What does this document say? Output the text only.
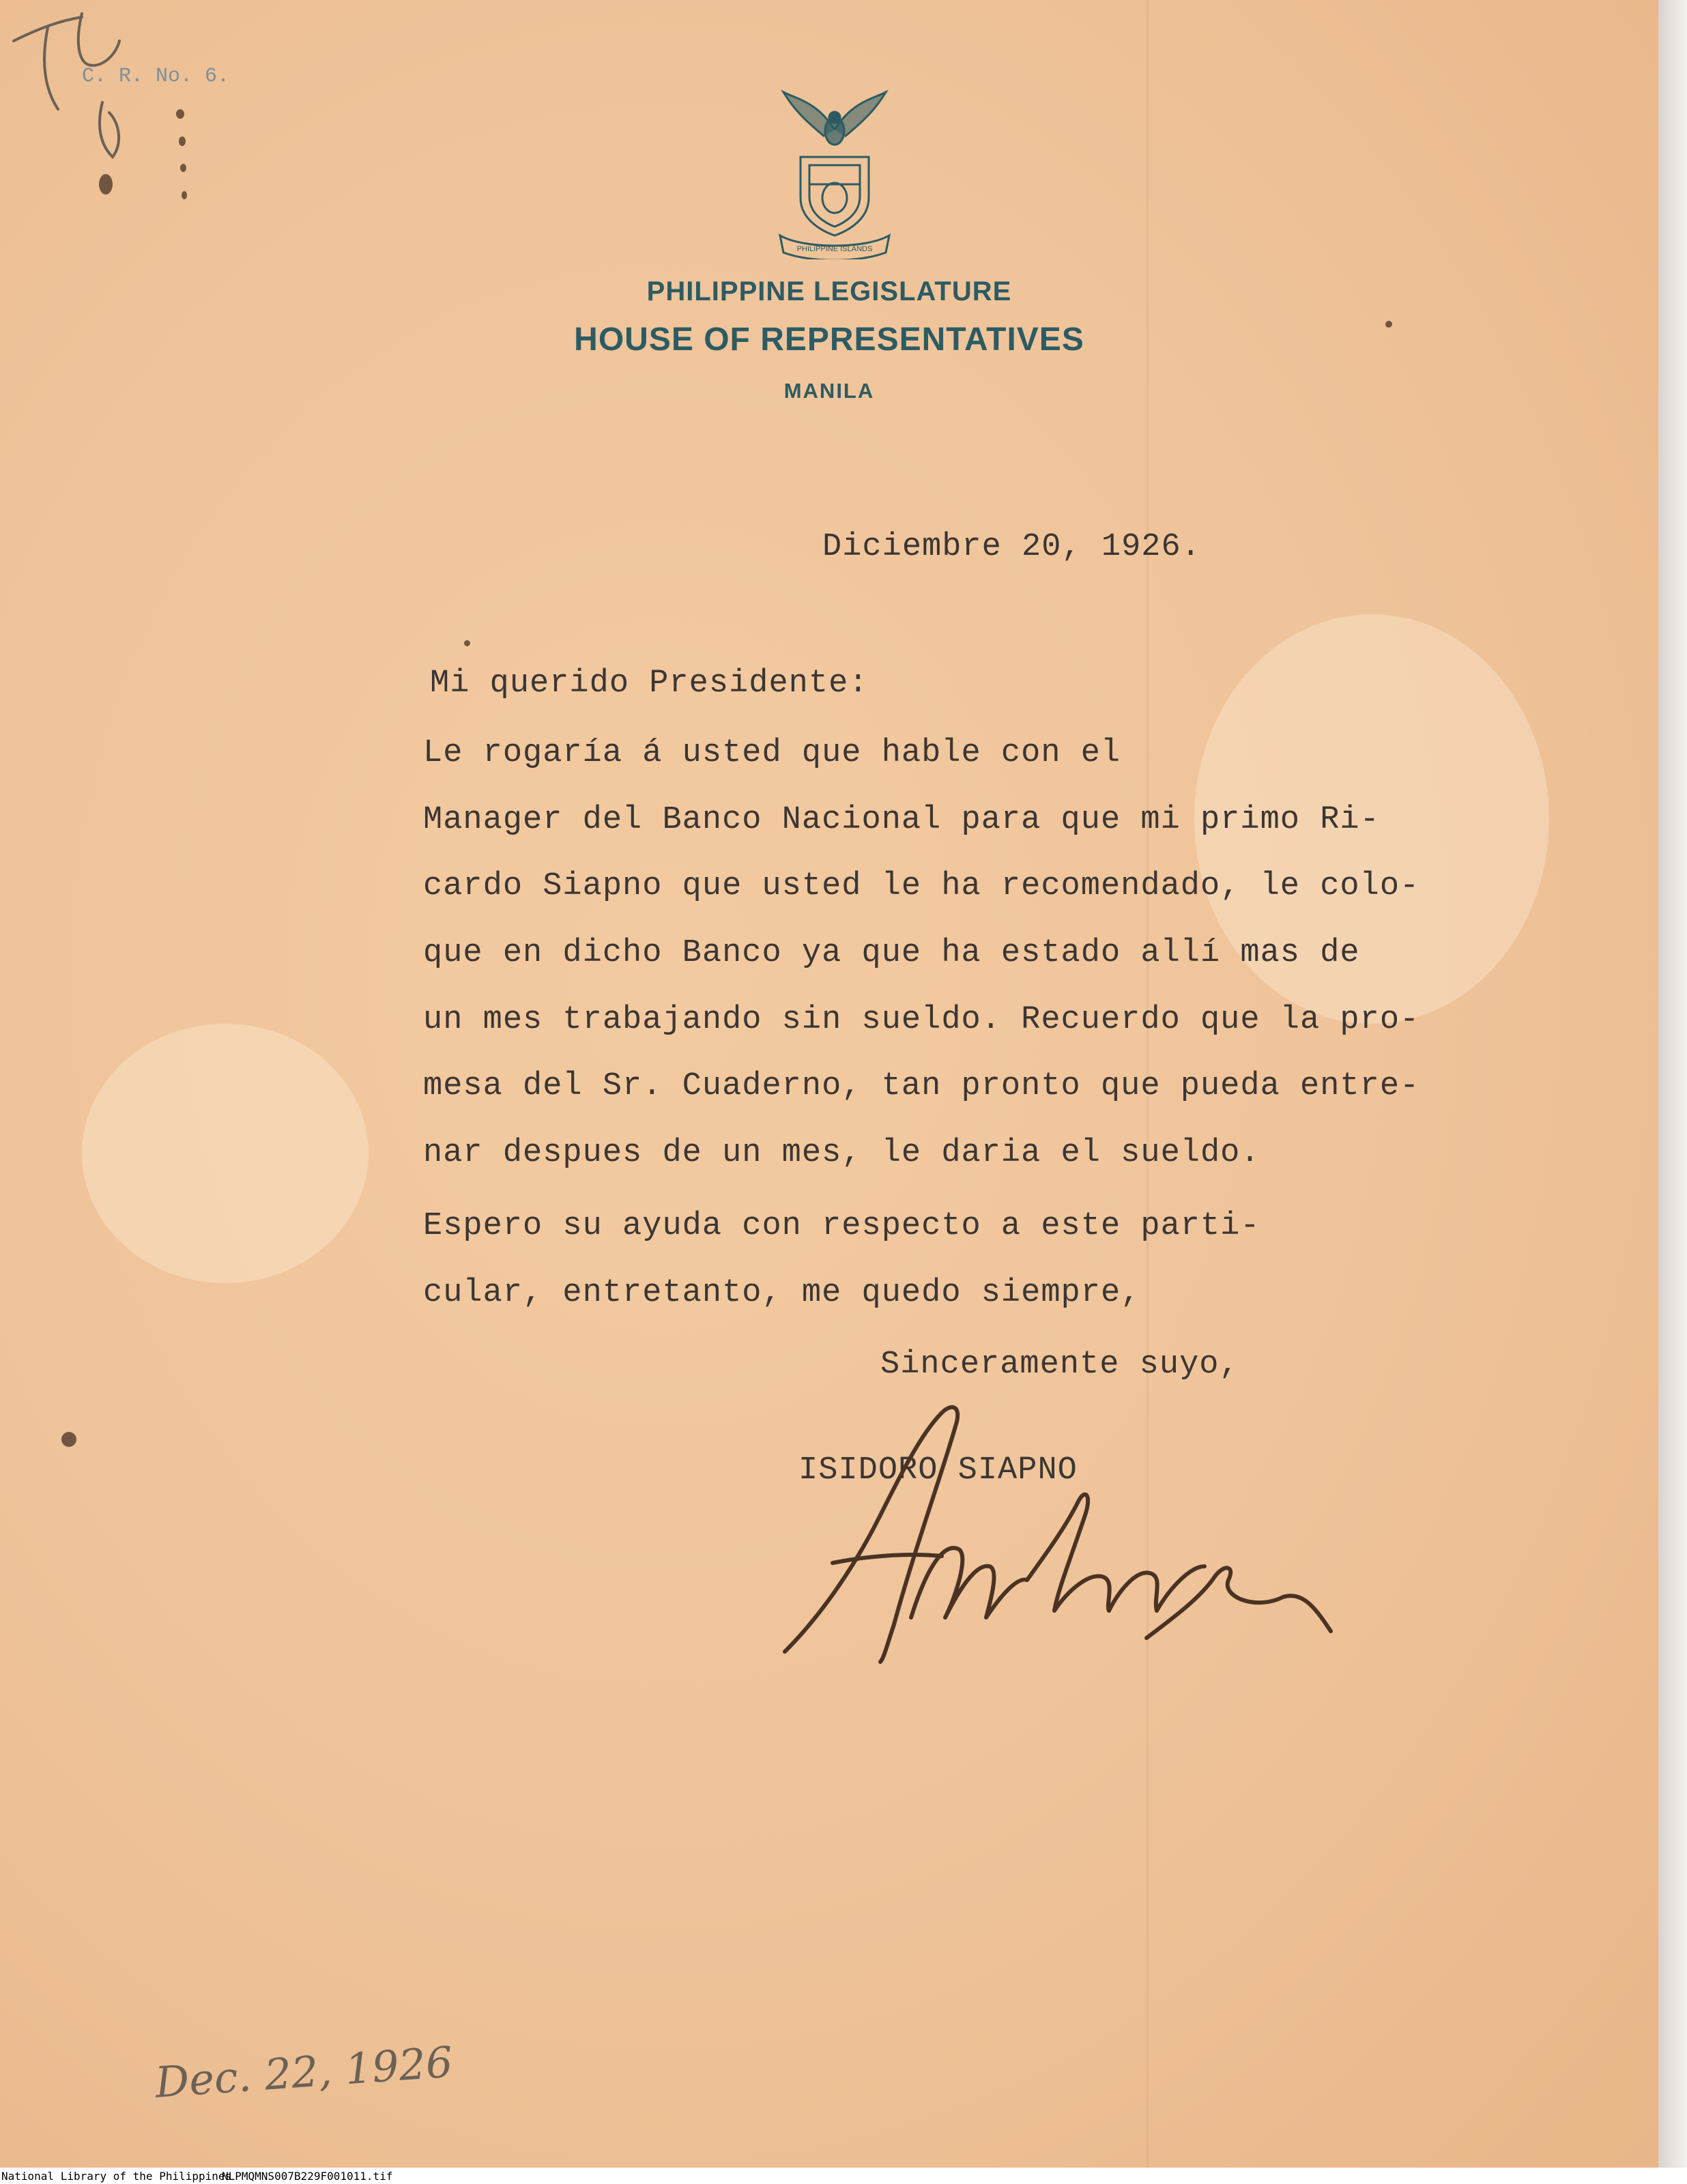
C. R. No. 6.
PHILIPPINE ISLANDS
PHILIPPINE LEGISLATURE
HOUSE OF REPRESENTATIVES
MANILA
Diciembre 20, 1926.
Mi querido Presidente:
Le rogaría á usted que hable con el
Manager del Banco Nacional para que mi primo Ri-
cardo Siapno que usted le ha recomendado, le colo-
que en dicho Banco ya que ha estado allí mas de
un mes trabajando sin sueldo. Recuerdo que la pro-
mesa del Sr. Cuaderno, tan pronto que pueda entre-
nar despues de un mes, le daria el sueldo.
Espero su ayuda con respecto a este parti-
cular, entretanto, me quedo siempre,
Sinceramente suyo,
ISIDORO SIAPNO
Dec. 22, 1926
National Library of the Philippines
NLPMQMNS007B229F001011.tif
